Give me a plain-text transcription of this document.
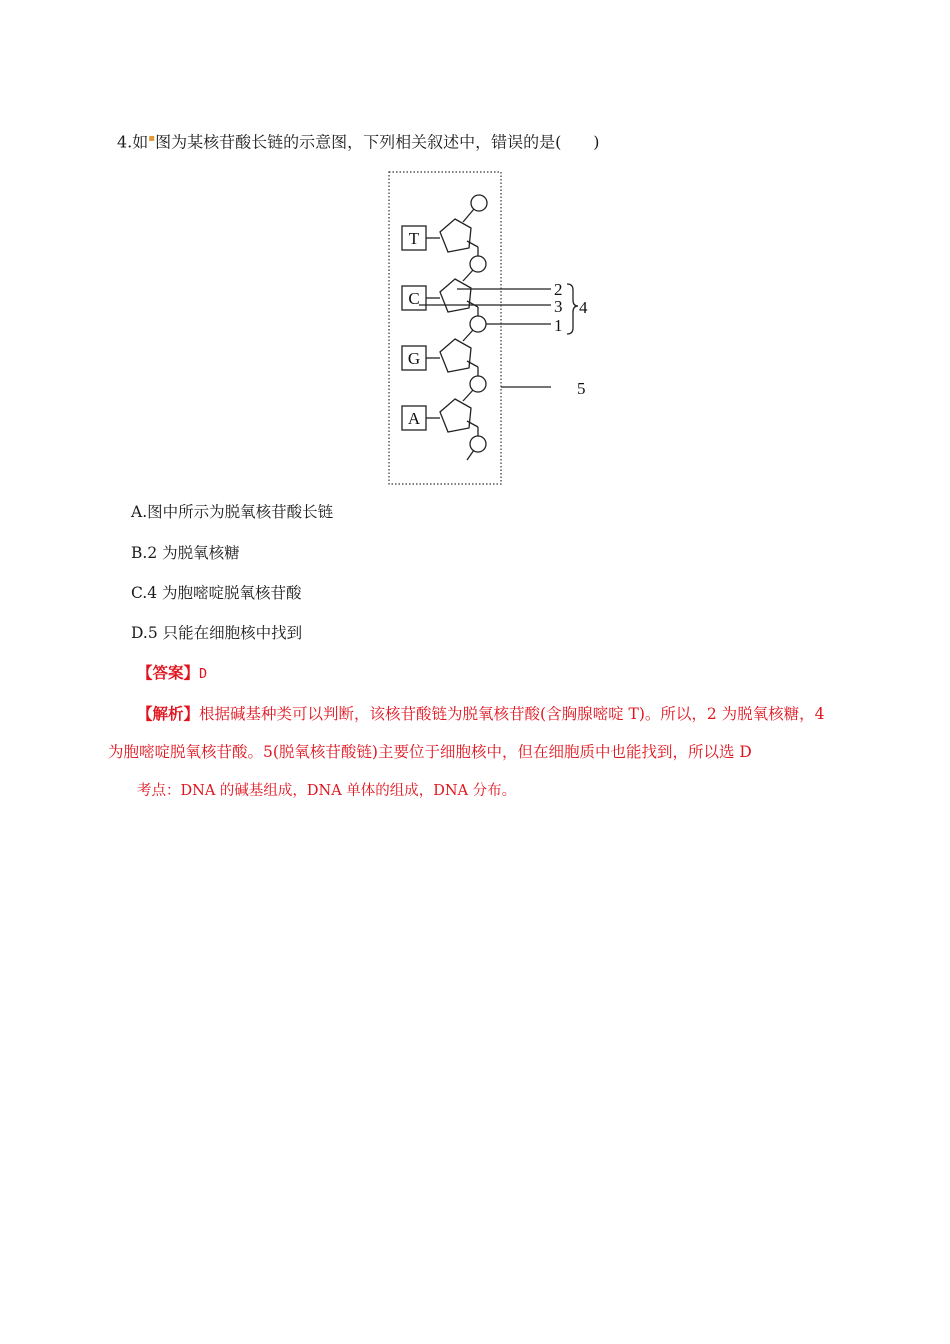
4.如▪图为某核苷酸长链的示意图，下列相关叙述中，错误的是(　　)
T
C
G
A
2
3
1
4
5
A.图中所示为脱氧核苷酸长链
B.2 为脱氧核糖
C.4 为胞嘧啶脱氧核苷酸
D.5 只能在细胞核中找到
【答案】D
【解析】根据碱基种类可以判断，该核苷酸链为脱氧核苷酸(含胸腺嘧啶 T)。所以，2 为脱氧核糖，4
为胞嘧啶脱氧核苷酸。5(脱氧核苷酸链)主要位于细胞核中，但在细胞质中也能找到，所以选 D
考点：DNA 的碱基组成，DNA 单体的组成，DNA 分布。
